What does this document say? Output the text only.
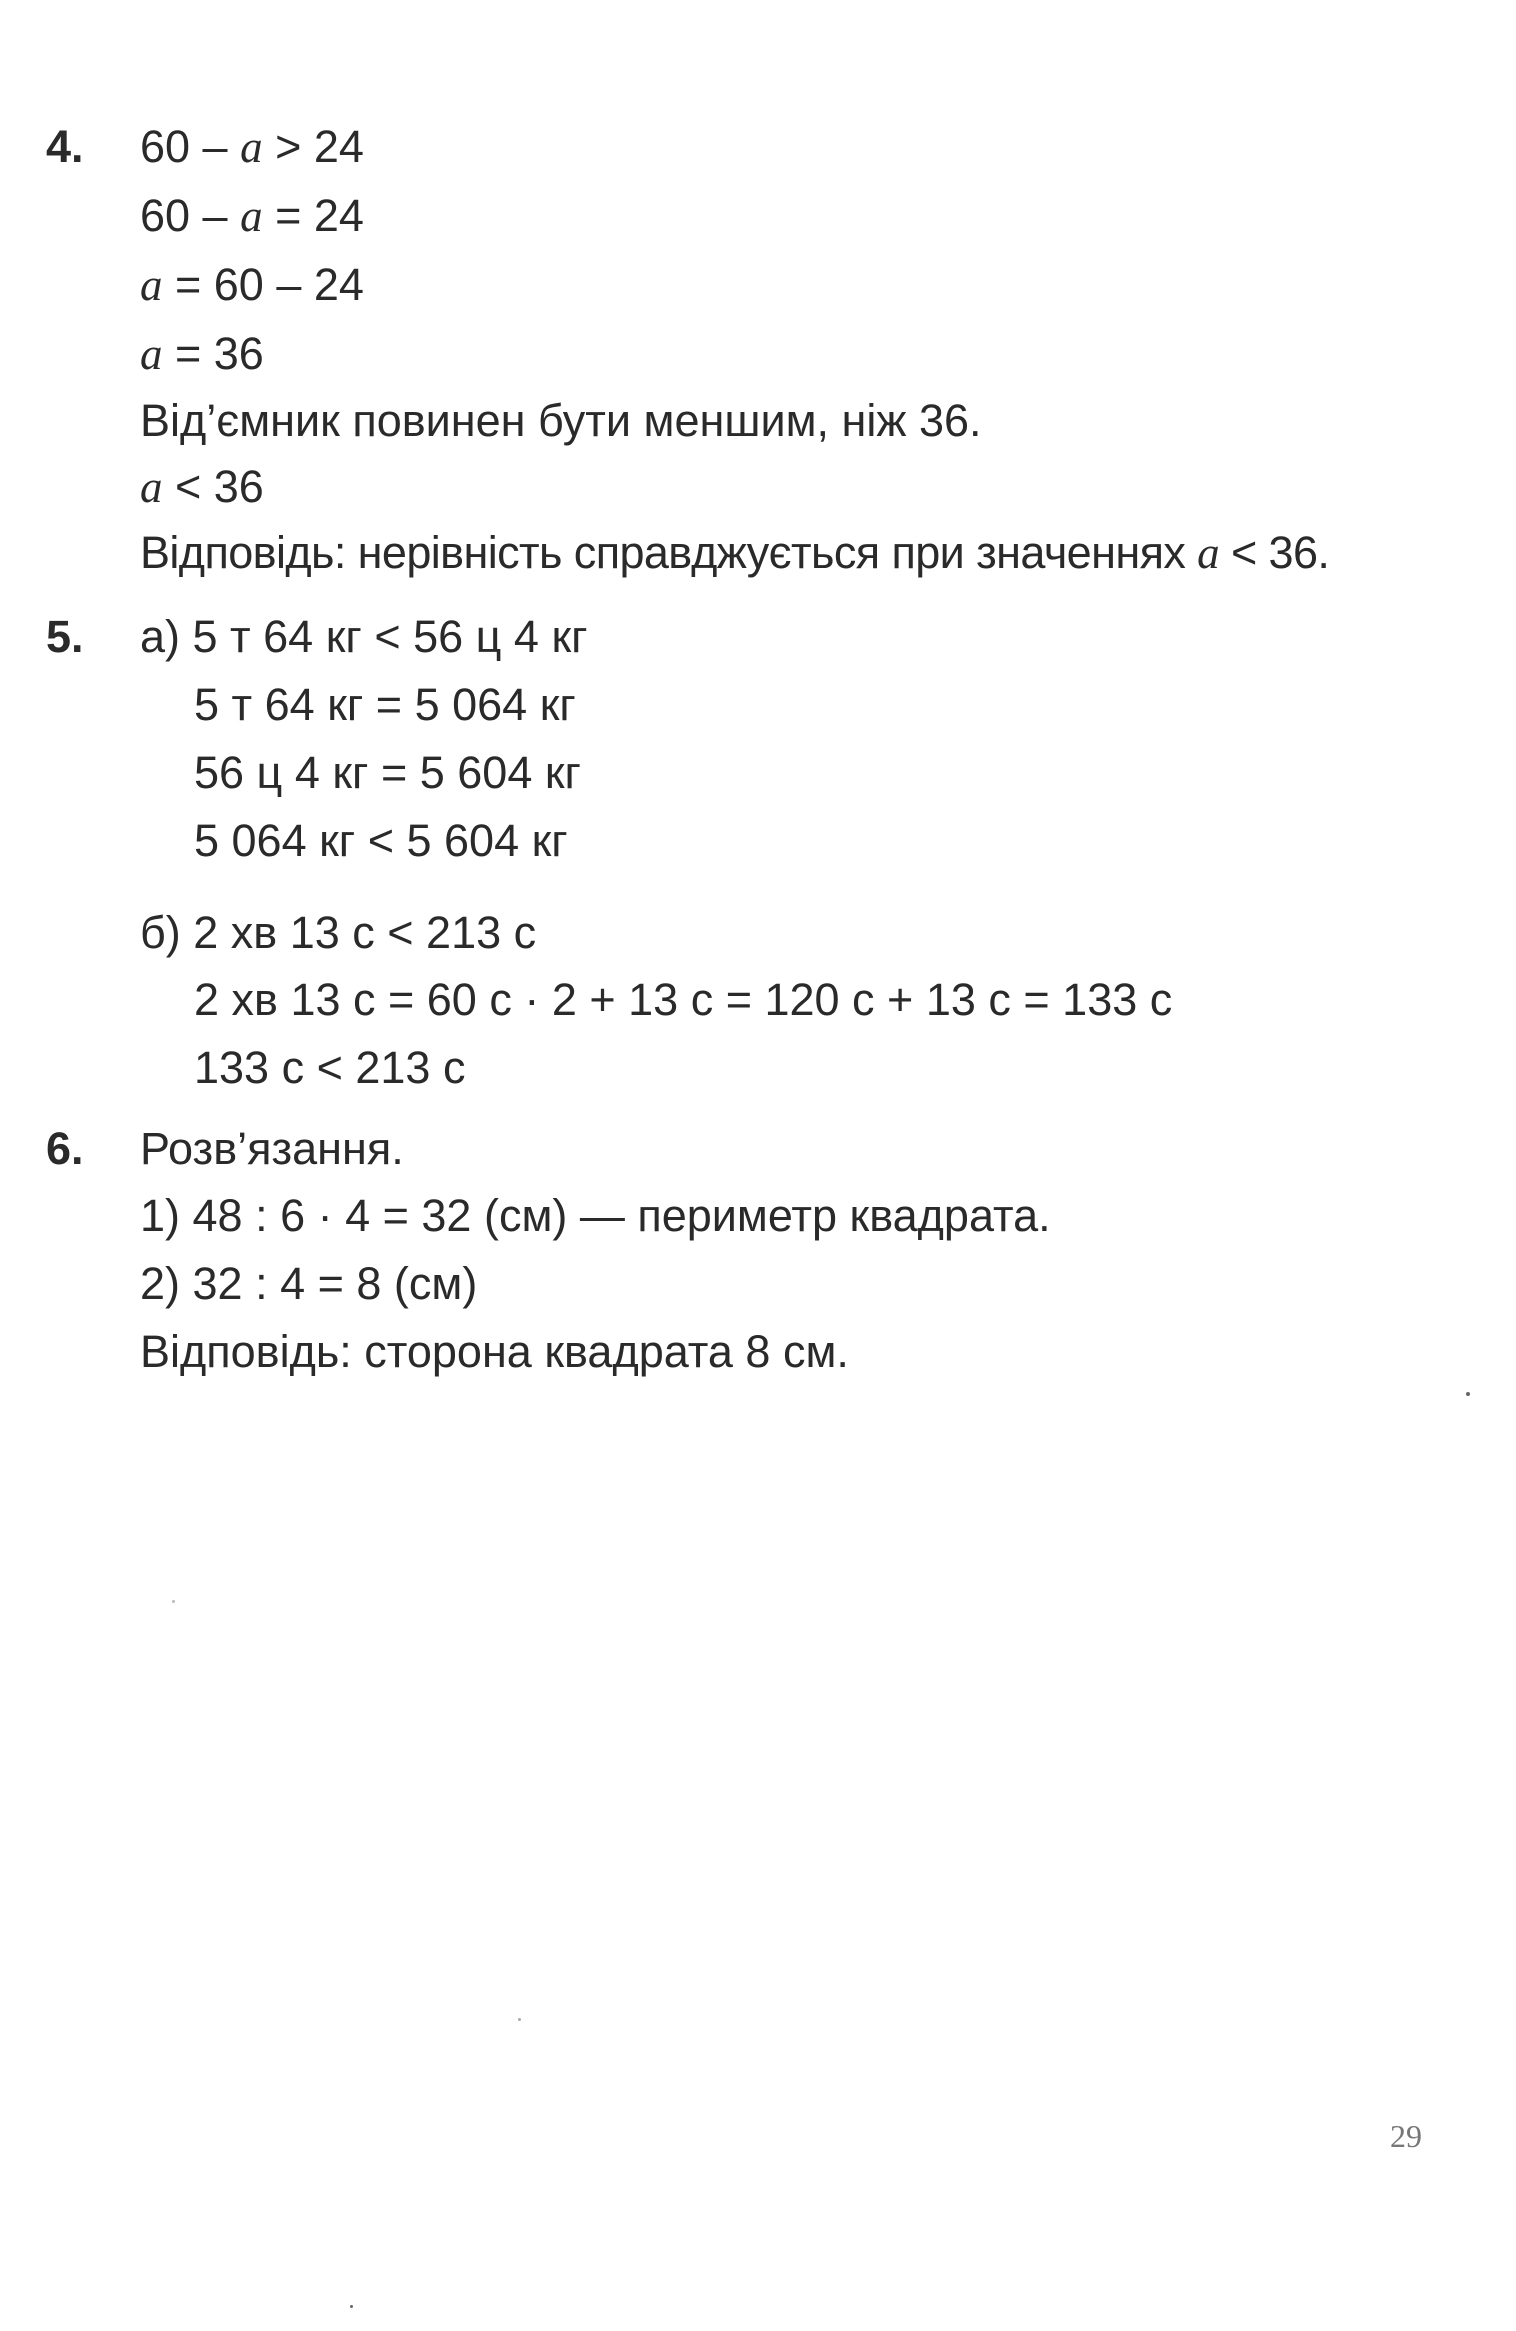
4. 60 – a > 24
60 – a = 24
a = 60 – 24
a = 36
Від’ємник повинен бути меншим, ніж 36.
a < 36
Відповідь: нерівність справджується при значеннях a < 36.
5. а) 5 т 64 кг < 56 ц 4 кг
5 т 64 кг = 5 064 кг
56 ц 4 кг = 5 604 кг
5 064 кг < 5 604 кг
б) 2 хв 13 с < 213 с
2 хв 13 с = 60 с · 2 + 13 с = 120 с + 13 с = 133 с
133 с < 213 с
6. Розв’язання.
1) 48 : 6 · 4 = 32 (см) — периметр квадрата.
2) 32 : 4 = 8 (см)
Відповідь: сторона квадрата 8 см.
29
